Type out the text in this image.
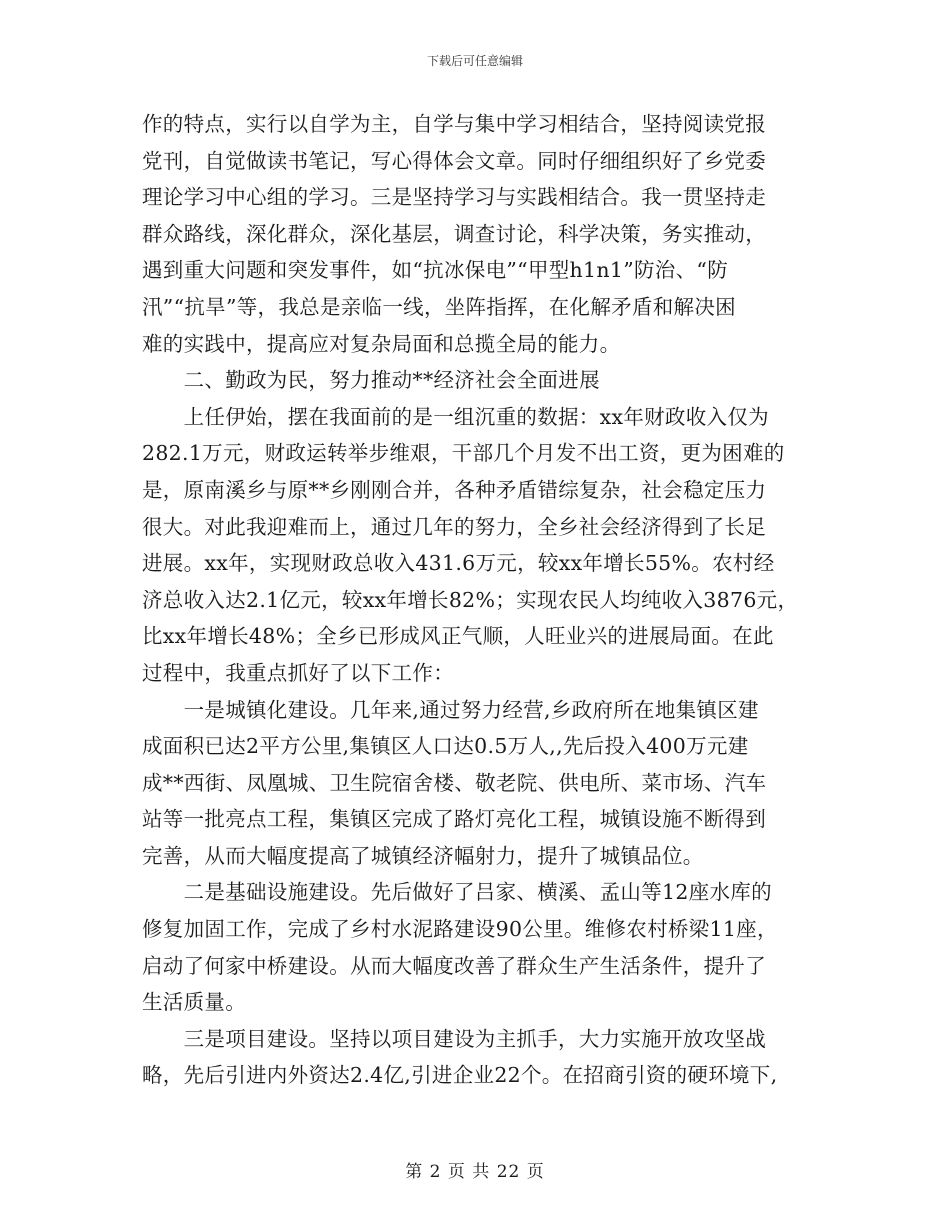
下载后可任意编辑
作的特点，实行以自学为主，自学与集中学习相结合，坚持阅读党报
党刊，自觉做读书笔记，写心得体会文章。同时仔细组织好了乡党委
理论学习中心组的学习。三是坚持学习与实践相结合。我一贯坚持走
群众路线，深化群众，深化基层，调查讨论，科学决策，务实推动，
遇到重大问题和突发事件，如“抗冰保电”“甲型h1n1”防治、“防
汛”“抗旱”等，我总是亲临一线，坐阵指挥，在化解矛盾和解决困
难的实践中，提高应对复杂局面和总揽全局的能力。
　　二、勤政为民，努力推动**经济社会全面进展
　　上任伊始，摆在我面前的是一组沉重的数据：xx年财政收入仅为
282.1万元，财政运转举步维艰，干部几个月发不出工资，更为困难的
是，原南溪乡与原**乡刚刚合并，各种矛盾错综复杂，社会稳定压力
很大。对此我迎难而上，通过几年的努力，全乡社会经济得到了长足
进展。xx年，实现财政总收入431.6万元，较xx年增长55%。农村经
济总收入达2.1亿元，较xx年增长82%；实现农民人均纯收入3876元，
比xx年增长48%；全乡已形成风正气顺，人旺业兴的进展局面。在此
过程中，我重点抓好了以下工作：
　　一是城镇化建设。几年来,通过努力经营,乡政府所在地集镇区建
成面积已达2平方公里,集镇区人口达0.5万人,,先后投入400万元建
成**西街、凤凰城、卫生院宿舍楼、敬老院、供电所、菜市场、汽车
站等一批亮点工程，集镇区完成了路灯亮化工程，城镇设施不断得到
完善，从而大幅度提高了城镇经济幅射力，提升了城镇品位。
　　二是基础设施建设。先后做好了吕家、横溪、孟山等12座水库的
修复加固工作，完成了乡村水泥路建设90公里。维修农村桥梁11座，
启动了何家中桥建设。从而大幅度改善了群众生产生活条件，提升了
生活质量。
　　三是项目建设。坚持以项目建设为主抓手，大力实施开放攻坚战
略，先后引进内外资达2.4亿,引进企业22个。在招商引资的硬环境下,
第 2 页 共 22 页
